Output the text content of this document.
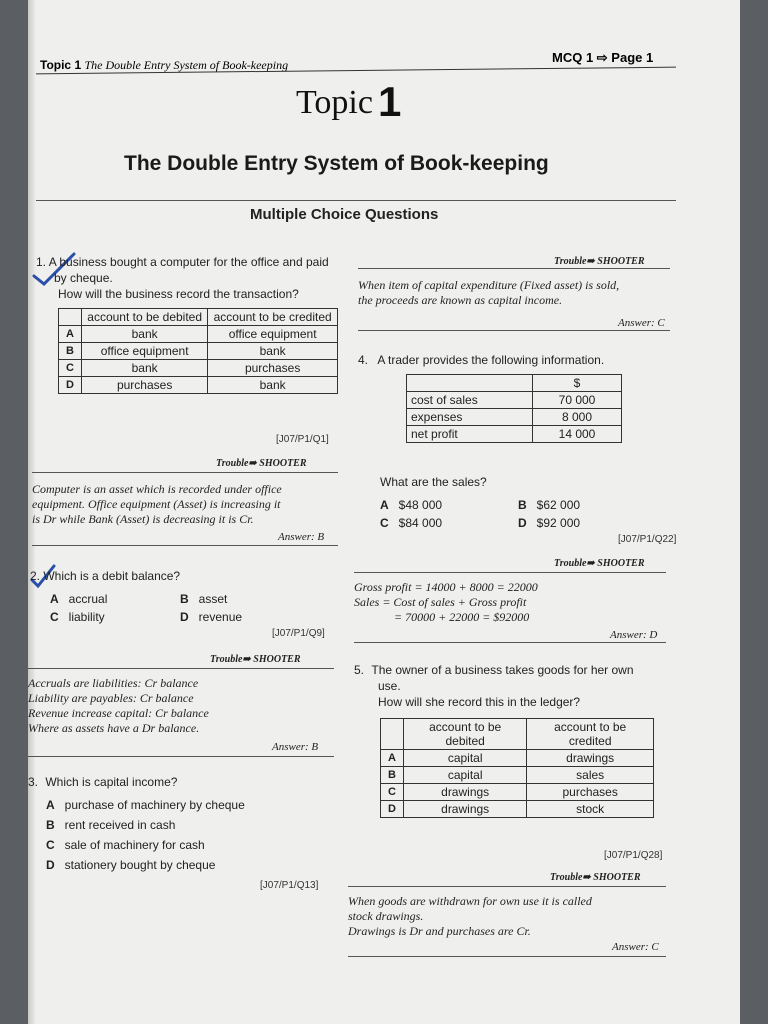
Topic 1 The Double Entry System of Book-keeping	MCQ 1 ⇨ Page 1
Topic 1
The Double Entry System of Book-keeping
Multiple Choice Questions
1. A business bought a computer for the office and paid
by cheque.
How will the business record the transaction?
	account to be debited	account to be credited
A	bank	office equipment
B	office equipment	bank
C	bank	purchases
D	purchases	bank
[J07/P1/Q1]
Trouble➠ SHOOTER
Computer is an asset which is recorded under office
equipment. Office equipment (Asset) is increasing it
is Dr while Bank (Asset) is decreasing it is Cr.
Answer: B
2. Which is a debit balance?
A accrual	B asset
C liability	D revenue
[J07/P1/Q9]
Trouble➠ SHOOTER
Accruals are liabilities: Cr balance
Liability are payables: Cr balance
Revenue increase capital: Cr balance
Where as assets have a Dr balance.
Answer: B
3. Which is capital income?
A purchase of machinery by cheque
B rent received in cash
C sale of machinery for cash
D stationery bought by cheque
[J07/P1/Q13]
Trouble➠ SHOOTER
When item of capital expenditure (Fixed asset) is sold,
the proceeds are known as capital income.
Answer: C
4. A trader provides the following information.
	$
cost of sales	70 000
expenses	8 000
net profit	14 000
What are the sales?
A $48 000	B $62 000
C $84 000	D $92 000
[J07/P1/Q22]
Trouble➠ SHOOTER
Gross profit = 14000 + 8000 = 22000
Sales = Cost of sales + Gross profit
= 70000 + 22000 = $92000
Answer: D
5. The owner of a business takes goods for her own
use.
How will she record this in the ledger?
	account to be debited	account to be credited
A	capital	drawings
B	capital	sales
C	drawings	purchases
D	drawings	stock
[J07/P1/Q28]
Trouble➠ SHOOTER
When goods are withdrawn for own use it is called
stock drawings.
Drawings is Dr and purchases are Cr.
Answer: C
